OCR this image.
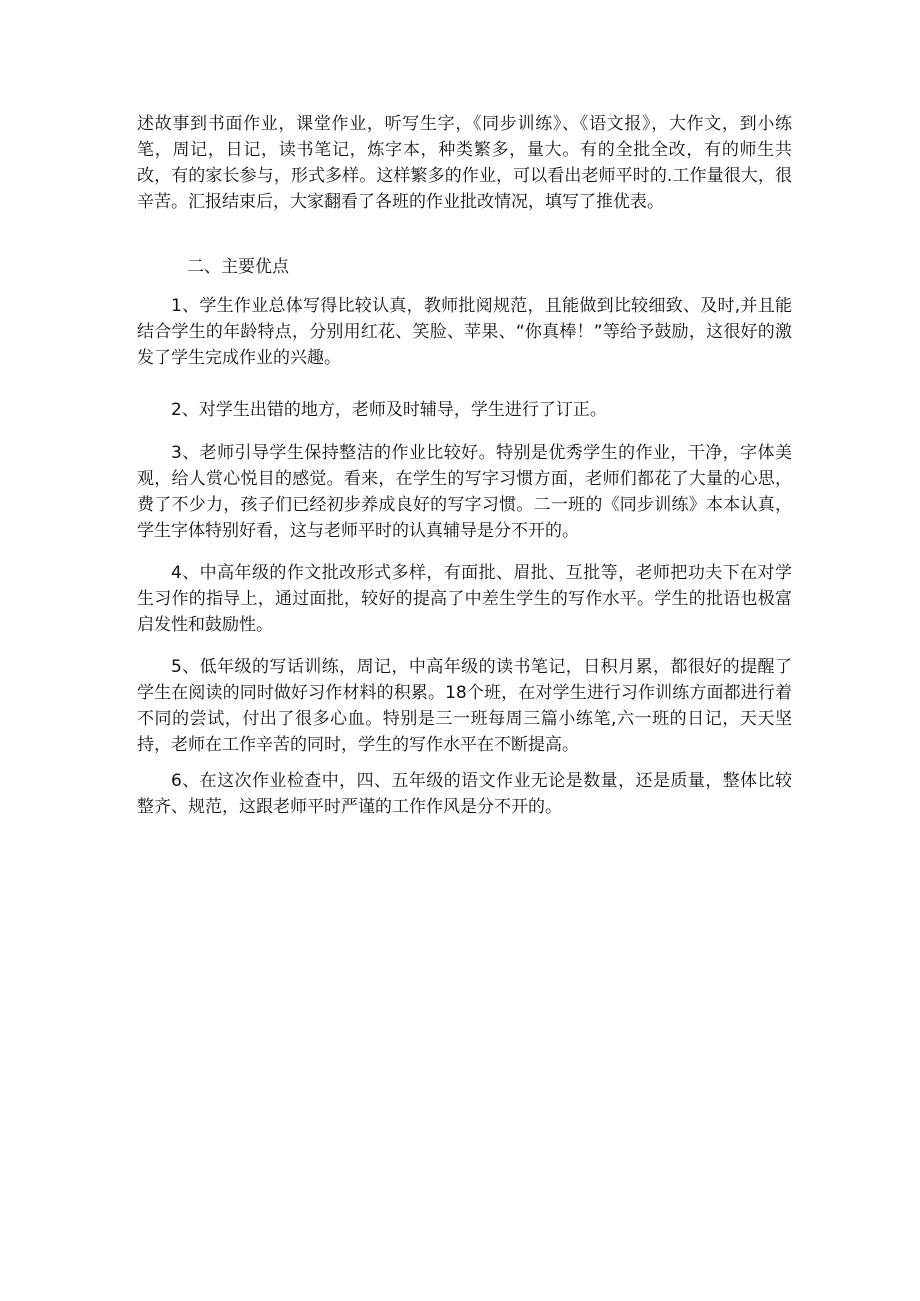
述故事到书面作业，课堂作业，听写生字，《同步训练》、《语文报》，大作文，到小练笔，周记，日记，读书笔记，炼字本，种类繁多，量大。有的全批全改，有的师生共改，有的家长参与，形式多样。这样繁多的作业，可以看出老师平时的.工作量很大，很辛苦。汇报结束后，大家翻看了各班的作业批改情况，填写了推优表。

二、主要优点

1、学生作业总体写得比较认真，教师批阅规范，且能做到比较细致、及时,并且能结合学生的年龄特点，分别用红花、笑脸、苹果、“你真棒！”等给予鼓励，这很好的激发了学生完成作业的兴趣。

2、对学生出错的地方，老师及时辅导，学生进行了订正。

3、老师引导学生保持整洁的作业比较好。特别是优秀学生的作业，干净，字体美观，给人赏心悦目的感觉。看来，在学生的写字习惯方面，老师们都花了大量的心思，费了不少力，孩子们已经初步养成良好的写字习惯。二一班的《同步训练》本本认真，学生字体特别好看，这与老师平时的认真辅导是分不开的。

4、中高年级的作文批改形式多样，有面批、眉批、互批等，老师把功夫下在对学生习作的指导上，通过面批，较好的提高了中差生学生的写作水平。学生的批语也极富启发性和鼓励性。

5、低年级的写话训练，周记，中高年级的读书笔记，日积月累，都很好的提醒了学生在阅读的同时做好习作材料的积累。18个班，在对学生进行习作训练方面都进行着不同的尝试，付出了很多心血。特别是三一班每周三篇小练笔,六一班的日记，天天坚持，老师在工作辛苦的同时，学生的写作水平在不断提高。

6、在这次作业检查中，四、五年级的语文作业无论是数量，还是质量，整体比较整齐、规范，这跟老师平时严谨的工作作风是分不开的。
